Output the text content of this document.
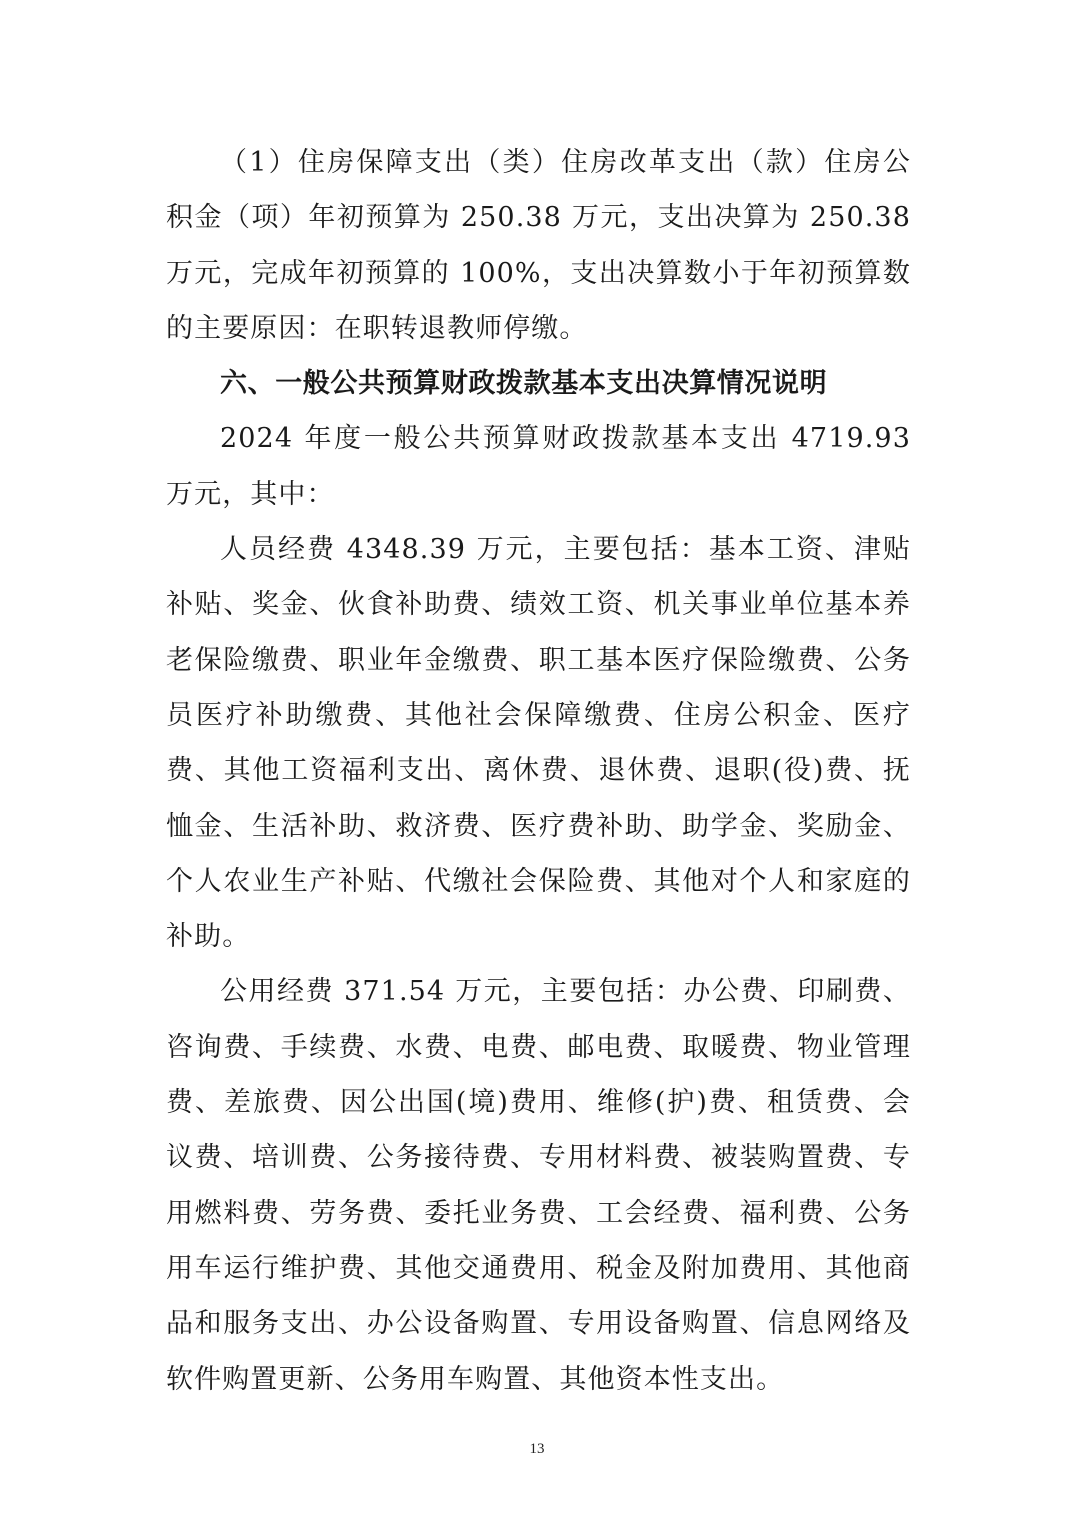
（1）住房保障支出（类）住房改革支出（款）住房公积金（项）年初预算为 250.38 万元，支出决算为 250.38 万元，完成年初预算的 100%，支出决算数小于年初预算数的主要原因：在职转退教师停缴。

六、一般公共预算财政拨款基本支出决算情况说明

2024 年度一般公共预算财政拨款基本支出 4719.93 万元，其中：

人员经费 4348.39 万元，主要包括：基本工资、津贴补贴、奖金、伙食补助费、绩效工资、机关事业单位基本养老保险缴费、职业年金缴费、职工基本医疗保险缴费、公务员医疗补助缴费、其他社会保障缴费、住房公积金、医疗费、其他工资福利支出、离休费、退休费、退职(役)费、抚恤金、生活补助、救济费、医疗费补助、助学金、奖励金、个人农业生产补贴、代缴社会保险费、其他对个人和家庭的补助。

公用经费 371.54 万元，主要包括：办公费、印刷费、咨询费、手续费、水费、电费、邮电费、取暖费、物业管理费、差旅费、因公出国(境)费用、维修(护)费、租赁费、会议费、培训费、公务接待费、专用材料费、被装购置费、专用燃料费、劳务费、委托业务费、工会经费、福利费、公务用车运行维护费、其他交通费用、税金及附加费用、其他商品和服务支出、办公设备购置、专用设备购置、信息网络及软件购置更新、公务用车购置、其他资本性支出。

13
